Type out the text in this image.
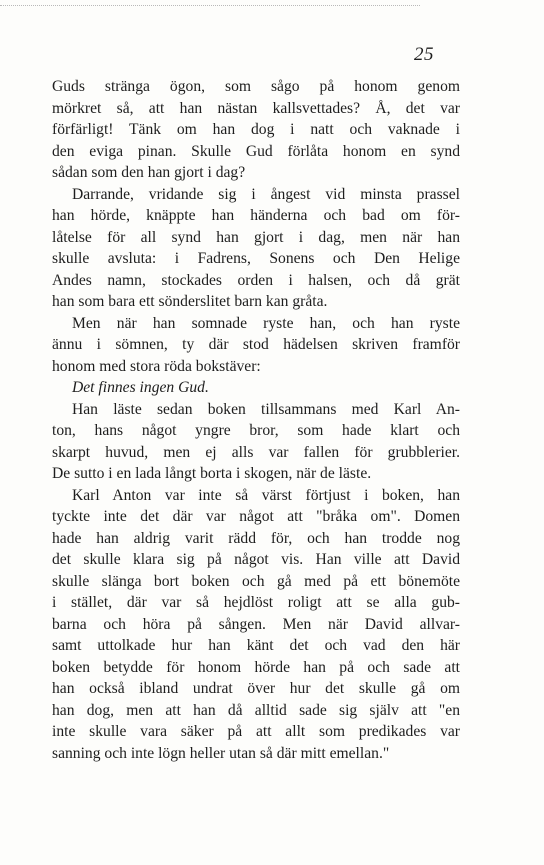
25
Guds stränga ögon, som sågo på honom genom
mörkret så, att han nästan kallsvettades? Å, det var
förfärligt! Tänk om han dog i natt och vaknade i
den eviga pinan. Skulle Gud förlåta honom en synd
sådan som den han gjort i dag?
Darrande, vridande sig i ångest vid minsta prassel
han hörde, knäppte han händerna och bad om för-
låtelse för all synd han gjort i dag, men när han
skulle avsluta: i Fadrens, Sonens och Den Helige
Andes namn, stockades orden i halsen, och då grät
han som bara ett sönderslitet barn kan gråta.
Men när han somnade ryste han, och han ryste
ännu i sömnen, ty där stod hädelsen skriven framför
honom med stora röda bokstäver:
Det finnes ingen Gud.
Han läste sedan boken tillsammans med Karl An-
ton, hans något yngre bror, som hade klart och
skarpt huvud, men ej alls var fallen för grubblerier.
De sutto i en lada långt borta i skogen, när de läste.
Karl Anton var inte så värst förtjust i boken, han
tyckte inte det där var något att "bråka om". Domen
hade han aldrig varit rädd för, och han trodde nog
det skulle klara sig på något vis. Han ville att David
skulle slänga bort boken och gå med på ett bönemöte
i stället, där var så hejdlöst roligt att se alla gub-
barna och höra på sången. Men när David allvar-
samt uttolkade hur han känt det och vad den här
boken betydde för honom hörde han på och sade att
han också ibland undrat över hur det skulle gå om
han dog, men att han då alltid sade sig själv att "en
inte skulle vara säker på att allt som predikades var
sanning och inte lögn heller utan så där mitt emellan."
